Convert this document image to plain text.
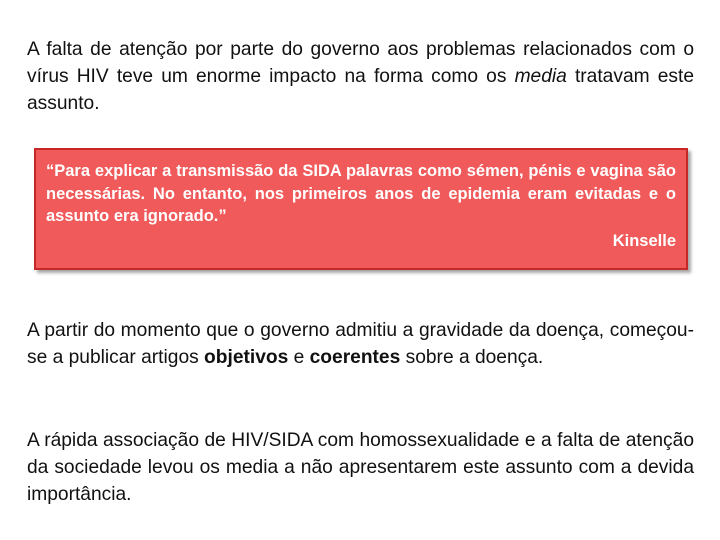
A falta de atenção por parte do governo aos problemas relacionados com o vírus HIV teve um enorme impacto na forma como os media tratavam este assunto.

“Para explicar a transmissão da SIDA palavras como sémen, pénis e vagina são necessárias. No entanto, nos primeiros anos de epidemia eram evitadas e o assunto era ignorado.”

Kinselle

A partir do momento que o governo admitiu a gravidade da doença, começou-se a publicar artigos objetivos e coerentes sobre a doença.

A rápida associação de HIV/SIDA com homossexualidade e a falta de atenção da sociedade levou os media a não apresentarem este assunto com a devida importância.
